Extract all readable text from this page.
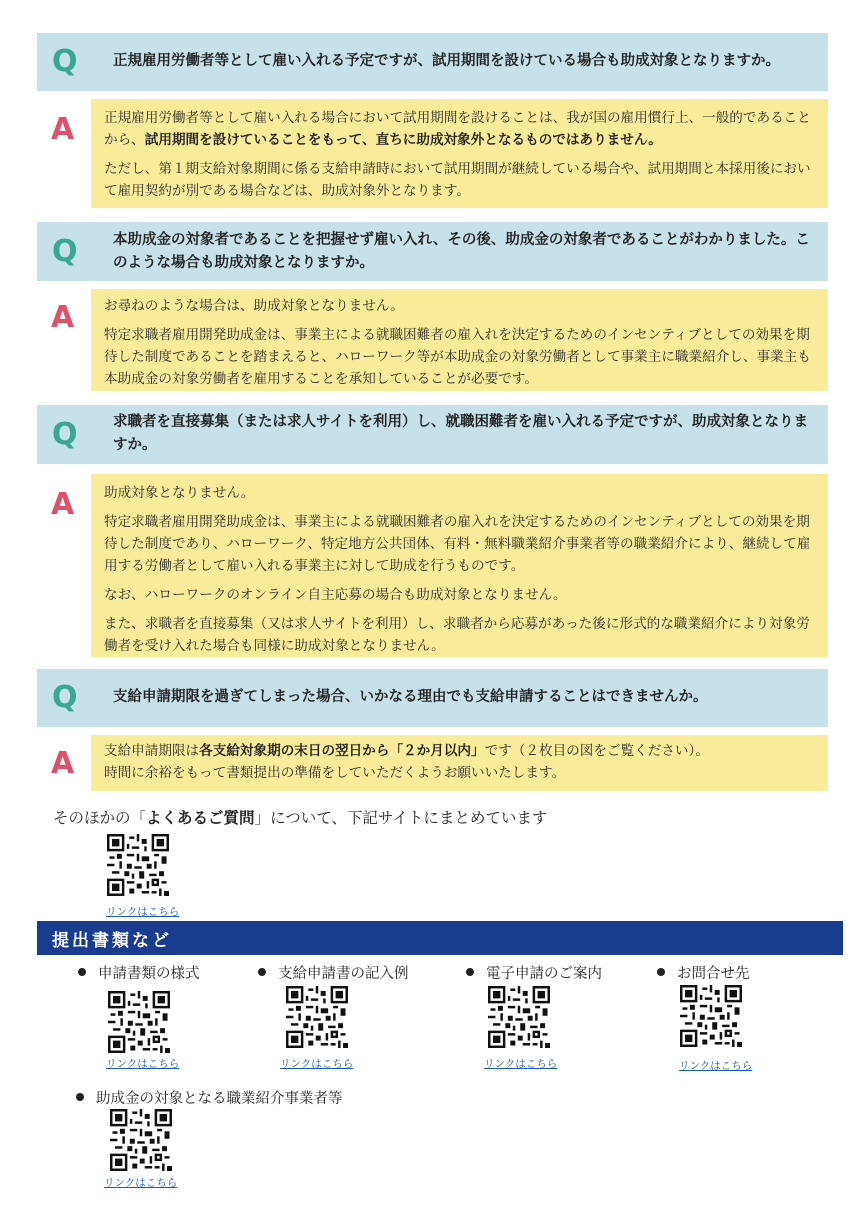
Q 正規雇用労働者等として雇い入れる予定ですが、試用期間を設けている場合も助成対象となりますか。
A 正規雇用労働者等として雇い入れる場合において試用期間を設けることは、我が国の雇用慣行上、一般的であることから、試用期間を設けていることをもって、直ちに助成対象外となるものではありません。

ただし、第１期支給対象期間に係る支給申請時において試用期間が継続している場合や、試用期間と本採用後において雇用契約が別である場合などは、助成対象外となります。

Q 本助成金の対象者であることを把握せず雇い入れ、その後、助成金の対象者であることがわかりました。このような場合も助成対象となりますか。
A お尋ねのような場合は、助成対象となりません。

特定求職者雇用開発助成金は、事業主による就職困難者の雇入れを決定するためのインセンティブとしての効果を期待した制度であることを踏まえると、ハローワーク等が本助成金の対象労働者として事業主に職業紹介し、事業主も本助成金の対象労働者を雇用することを承知していることが必要です。

Q 求職者を直接募集（または求人サイトを利用）し、就職困難者を雇い入れる予定ですが、助成対象となりますか。
A 助成対象となりません。

特定求職者雇用開発助成金は、事業主による就職困難者の雇入れを決定するためのインセンティブとしての効果を期待した制度であり、ハローワーク、特定地方公共団体、有料・無料職業紹介事業者等の職業紹介により、継続して雇用する労働者として雇い入れる事業主に対して助成を行うものです。

なお、ハローワークのオンライン自主応募の場合も助成対象となりません。

また、求職者を直接募集（又は求人サイトを利用）し、求職者から応募があった後に形式的な職業紹介により対象労働者を受け入れた場合も同様に助成対象となりません。

Q 支給申請期限を過ぎてしまった場合、いかなる理由でも支給申請することはできませんか。
A 支給申請期限は各支給対象期の末日の翌日から「２か月以内」です（２枚目の図をご覧ください）。

時間に余裕をもって書類提出の準備をしていただくようお願いいたします。

そのほかの「よくあるご質問」について、下記サイトにまとめています
リンクはこちら
提出書類など
申請書類の様式
リンクはこちら
支給申請書の記入例
リンクはこちら
電子申請のご案内
リンクはこちら
お問合せ先
リンクはこちら
助成金の対象となる職業紹介事業者等
リンクはこちら
